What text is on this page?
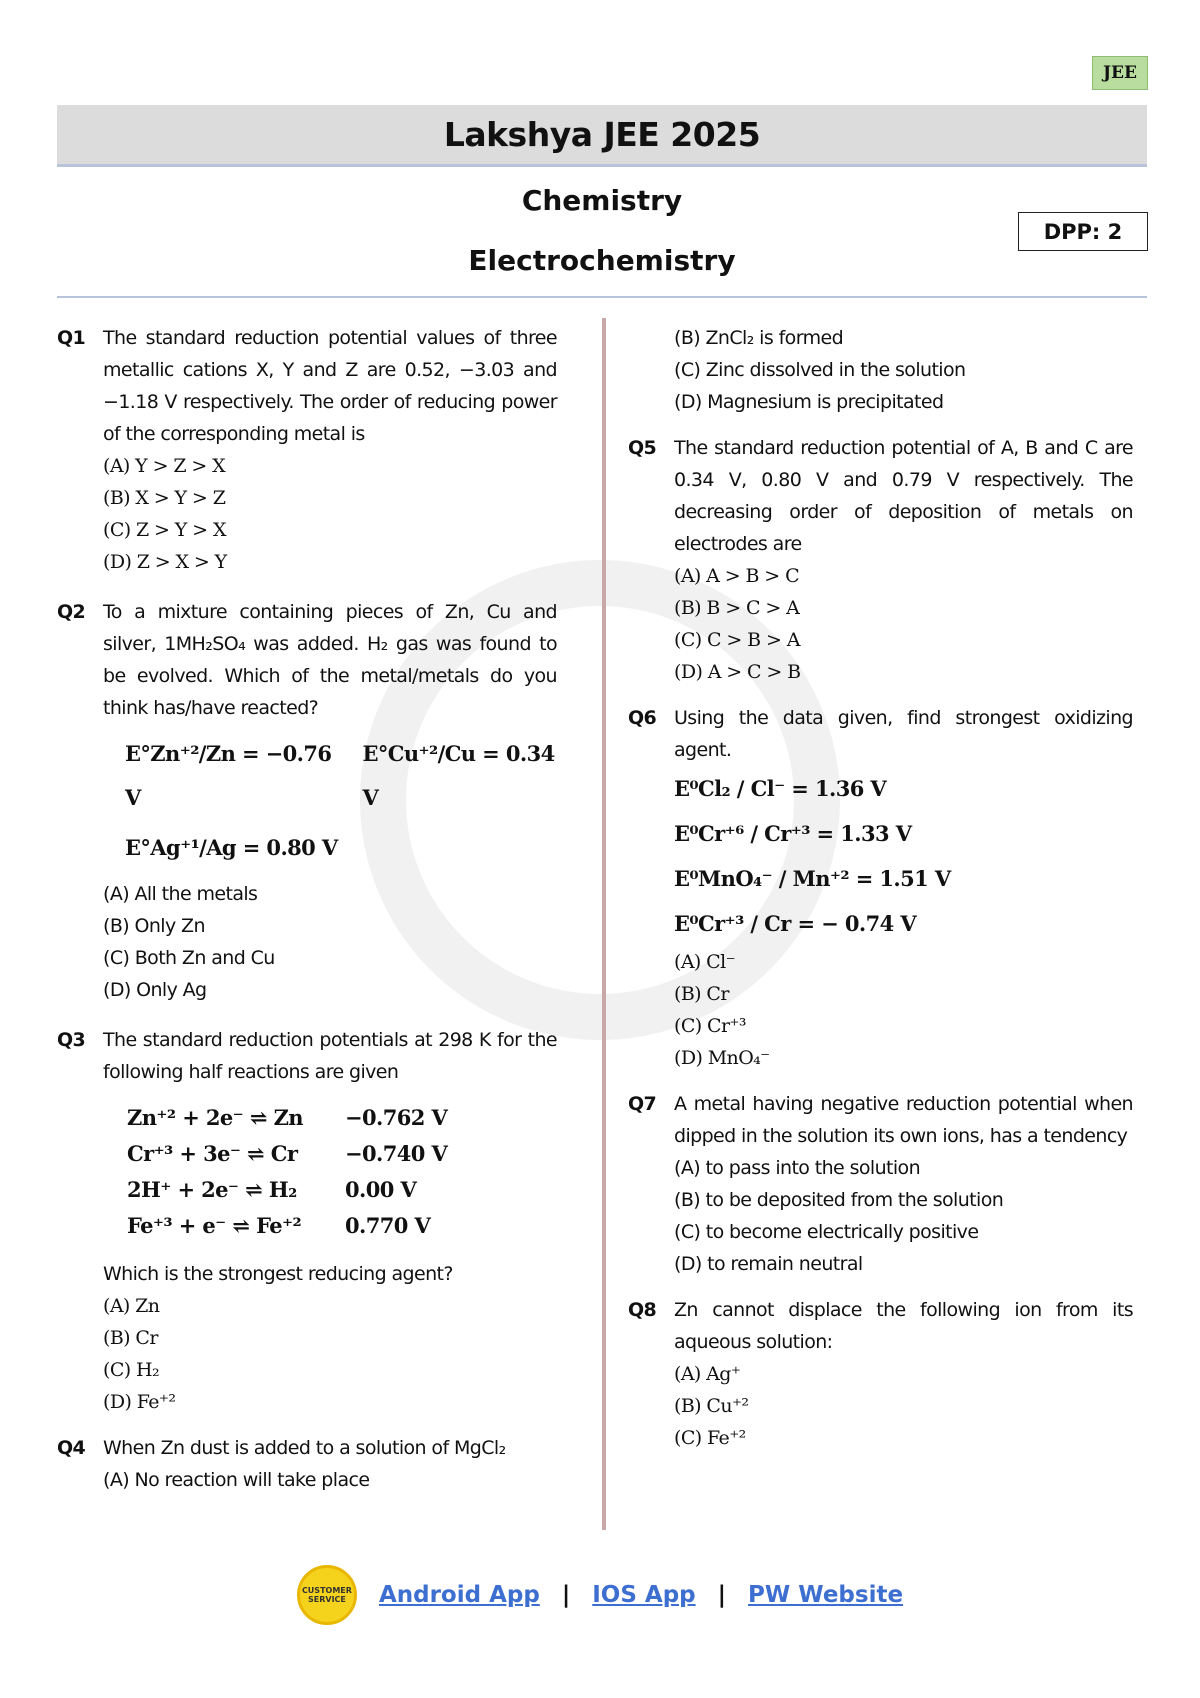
JEE
Lakshya JEE 2025
Chemistry
Electrochemistry
DPP: 2
Q1 The standard reduction potential values of three metallic cations X, Y and Z are 0.52, −3.03 and −1.18 V respectively. The order of reducing power of the corresponding metal is
(A) Y > Z > X
(B) X > Y > Z
(C) Z > Y > X
(D) Z > X > Y
Q2 To a mixture containing pieces of Zn, Cu and silver, 1MH₂SO₄ was added. H₂ gas was found to be evolved. Which of the metal/metals do you think has/have reacted?
E°Zn⁺²/Zn = −0.76 V
E°Cu⁺²/Cu = 0.34 V
E°Ag⁺¹/Ag = 0.80 V
(A) All the metals
(B) Only Zn
(C) Both Zn and Cu
(D) Only Ag
Q3 The standard reduction potentials at 298 K for the following half reactions are given
Zn⁺² + 2e⁻ ⇌ Zn	−0.762 V
Cr⁺³ + 3e⁻ ⇌ Cr	−0.740 V
2H⁺ + 2e⁻ ⇌ H₂	0.00 V
Fe⁺³ + e⁻ ⇌ Fe⁺²	0.770 V
Which is the strongest reducing agent?
(A) Zn
(B) Cr
(C) H₂
(D) Fe⁺²
Q4 When Zn dust is added to a solution of MgCl₂
(A) No reaction will take place
(B) ZnCl₂ is formed
(C) Zinc dissolved in the solution
(D) Magnesium is precipitated
Q5 The standard reduction potential of A, B and C are 0.34 V, 0.80 V and 0.79 V respectively. The decreasing order of deposition of metals on electrodes are
(A) A > B > C
(B) B > C > A
(C) C > B > A
(D) A > C > B
Q6 Using the data given, find strongest oxidizing agent.
E⁰Cl₂ / Cl⁻ = 1.36 V
E⁰Cr⁺⁶ / Cr⁺³ = 1.33 V
E⁰MnO₄⁻ / Mn⁺² = 1.51 V
E⁰Cr⁺³ / Cr = − 0.74 V
(A) Cl⁻
(B) Cr
(C) Cr⁺³
(D) MnO₄⁻
Q7 A metal having negative reduction potential when dipped in the solution its own ions, has a tendency
(A) to pass into the solution
(B) to be deposited from the solution
(C) to become electrically positive
(D) to remain neutral
Q8 Zn cannot displace the following ion from its aqueous solution:
(A) Ag⁺
(B) Cu⁺²
(C) Fe⁺²
CUSTOMER SERVICE	Android App | IOS App | PW Website
